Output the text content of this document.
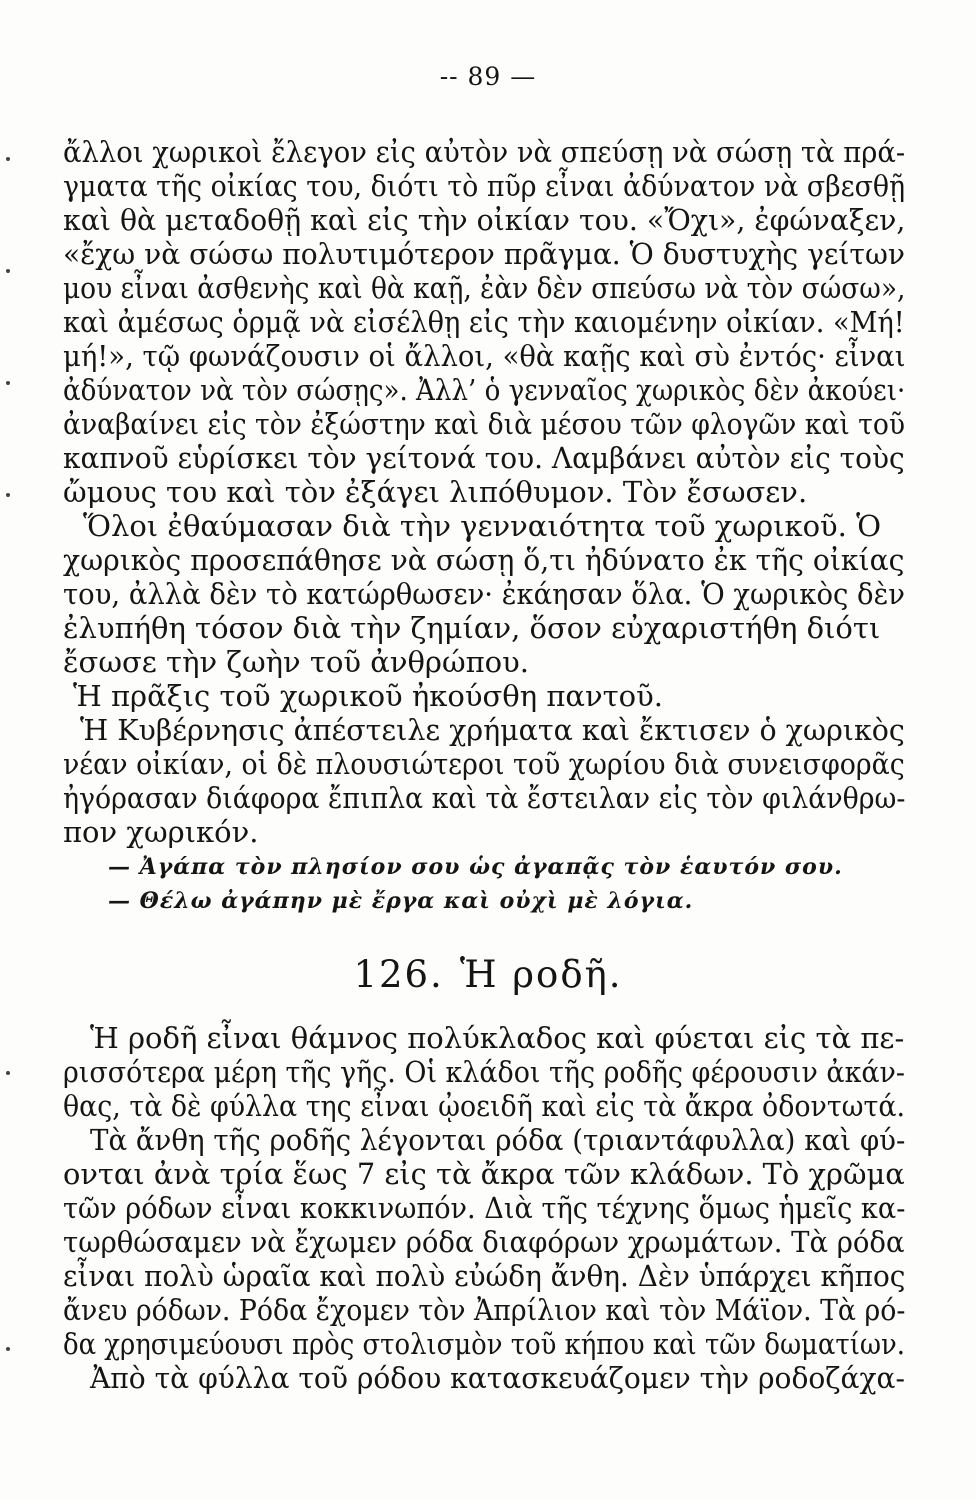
-- 89 —
ἄλλοι χωρικοὶ ἔλεγον εἰς αὐτὸν νὰ σπεύσῃ νὰ σώσῃ τὰ πρά-
γματα τῆς οἰκίας του, διότι τὸ πῦρ εἶναι ἀδύνατον νὰ σβεσθῇ
καὶ θὰ μεταδοθῇ καὶ εἰς τὴν οἰκίαν του. «Ὄχι», ἐφώναξεν,
«ἔχω νὰ σώσω πολυτιμότερον πρᾶγμα. Ὁ δυστυχὴς γείτων
μου εἶναι ἀσθενὴς καὶ θὰ καῇ, ἐὰν δὲν σπεύσω νὰ τὸν σώσω»,
καὶ ἀμέσως ὁρμᾷ νὰ εἰσέλθῃ εἰς τὴν καιομένην οἰκίαν. «Μή!
μή!», τῷ φωνάζουσιν οἱ ἄλλοι, «θὰ καῇς καὶ σὺ ἐντός· εἶναι
ἀδύνατον νὰ τὸν σώσῃς». Ἀλλ’ ὁ γενναῖος χωρικὸς δὲν ἀκούει·
ἀναβαίνει εἰς τὸν ἐξώστην καὶ διὰ μέσου τῶν φλογῶν καὶ τοῦ
καπνοῦ εὑρίσκει τὸν γείτονά του. Λαμβάνει αὐτὸν εἰς τοὺς
ὤμους του καὶ τὸν ἐξάγει λιπόθυμον. Τὸν ἔσωσεν.
Ὅλοι ἐθαύμασαν διὰ τὴν γενναιότητα τοῦ χωρικοῦ. Ὁ
χωρικὸς προσεπάθησε νὰ σώσῃ ὅ,τι ἠδύνατο ἐκ τῆς οἰκίας
του, ἀλλὰ δὲν τὸ κατώρθωσεν· ἐκάησαν ὅλα. Ὁ χωρικὸς δὲν
ἐλυπήθη τόσον διὰ τὴν ζημίαν, ὅσον εὐχαριστήθη διότι
ἔσωσε τὴν ζωὴν τοῦ ἀνθρώπου.
Ἡ πρᾶξις τοῦ χωρικοῦ ἠκούσθη παντοῦ.
Ἡ Κυβέρνησις ἀπέστειλε χρήματα καὶ ἔκτισεν ὁ χωρικὸς
νέαν οἰκίαν, οἱ δὲ πλουσιώτεροι τοῦ χωρίου διὰ συνεισφορᾶς
ἠγόρασαν διάφορα ἔπιπλα καὶ τὰ ἔστειλαν εἰς τὸν φιλάνθρω-
πον χωρικόν.
— Ἀγάπα τὸν πλησίον σου ὡς ἀγαπᾷς τὸν ἑαυτόν σου.
— Θέλω ἀγάπην μὲ ἔργα καὶ οὐχὶ μὲ λόγια.
126. Ἡ ροδῆ.
Ἡ ροδῆ εἶναι θάμνος πολύκλαδος καὶ φύεται εἰς τὰ πε-
ρισσότερα μέρη τῆς γῆς. Οἱ κλάδοι τῆς ροδῆς φέρουσιν ἀκάν-
θας, τὰ δὲ φύλλα της εἶναι ᾠοειδῆ καὶ εἰς τὰ ἄκρα ὀδοντωτά.
Τὰ ἄνθη τῆς ροδῆς λέγονται ρόδα (τριαντάφυλλα) καὶ φύ-
ονται ἀνὰ τρία ἕως 7 εἰς τὰ ἄκρα τῶν κλάδων. Τὸ χρῶμα
τῶν ρόδων εἶναι κοκκινωπόν. Διὰ τῆς τέχνης ὅμως ἡμεῖς κα-
τωρθώσαμεν νὰ ἔχωμεν ρόδα διαφόρων χρωμάτων. Τὰ ρόδα
εἶναι πολὺ ὡραῖα καὶ πολὺ εὐώδη ἄνθη. Δὲν ὑπάρχει κῆπος
ἄνευ ρόδων. Ρόδα ἔχομεν τὸν Ἀπρίλιον καὶ τὸν Μάϊον. Τὰ ρό-
δα χρησιμεύουσι πρὸς στολισμὸν τοῦ κήπου καὶ τῶν δωματίων.
Ἀπὸ τὰ φύλλα τοῦ ρόδου κατασκευάζομεν τὴν ροδοζάχα-
